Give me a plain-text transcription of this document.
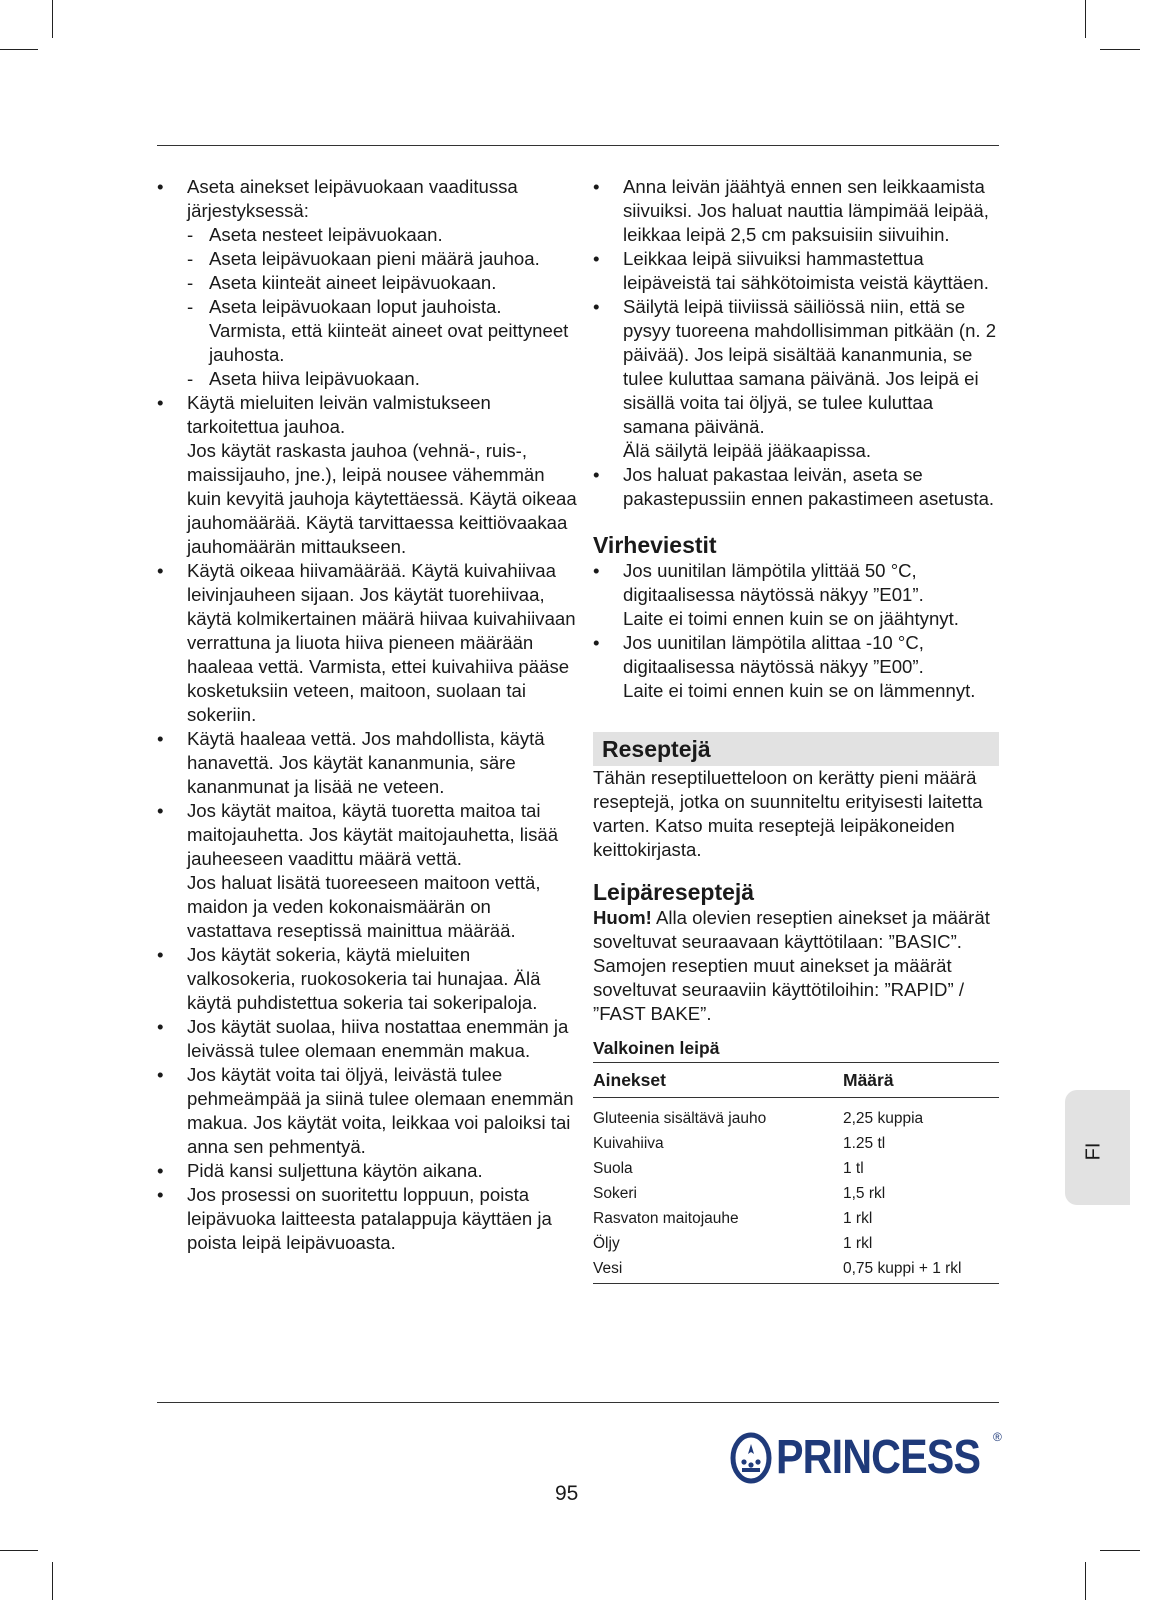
• Aseta ainekset leipävuokaan vaaditussa järjestyksessä:
- Aseta nesteet leipävuokaan.
- Aseta leipävuokaan pieni määrä jauhoa.
- Aseta kiinteät aineet leipävuokaan.
- Aseta leipävuokaan loput jauhoista. Varmista, että kiinteät aineet ovat peittyneet jauhosta.
- Aseta hiiva leipävuokaan.
• Käytä mieluiten leivän valmistukseen tarkoitettua jauhoa.
Jos käytät raskasta jauhoa (vehnä-, ruis-, maissijauho, jne.), leipä nousee vähemmän kuin kevyitä jauhoja käytettäessä. Käytä oikeaa jauhomäärää. Käytä tarvittaessa keittiövaakaa jauhomäärän mittaukseen.
• Käytä oikeaa hiivamäärää. Käytä kuivahiivaa leivinjauheen sijaan. Jos käytät tuorehiivaa, käytä kolmikertainen määrä hiivaa kuivahiivaan verrattuna ja liuota hiiva pieneen määrään haaleaa vettä. Varmista, ettei kuivahiiva pääse kosketuksiin veteen, maitoon, suolaan tai sokeriin.
• Käytä haaleaa vettä. Jos mahdollista, käytä hanavettä. Jos käytät kananmunia, säre kananmunat ja lisää ne veteen.
• Jos käytät maitoa, käytä tuoretta maitoa tai maitojauhetta. Jos käytät maitojauhetta, lisää jauheeseen vaadittu määrä vettä.
Jos haluat lisätä tuoreeseen maitoon vettä, maidon ja veden kokonaismäärän on vastattava reseptissä mainittua määrää.
• Jos käytät sokeria, käytä mieluiten valkosokeria, ruokosokeria tai hunajaa. Älä käytä puhdistettua sokeria tai sokeripaloja.
• Jos käytät suolaa, hiiva nostattaa enemmän ja leivässä tulee olemaan enemmän makua.
• Jos käytät voita tai öljyä, leivästä tulee pehmeämpää ja siinä tulee olemaan enemmän makua. Jos käytät voita, leikkaa voi paloiksi tai anna sen pehmentyä.
• Pidä kansi suljettuna käytön aikana.
• Jos prosessi on suoritettu loppuun, poista leipävuoka laitteesta patalappuja käyttäen ja poista leipä leipävuoasta.
• Anna leivän jäähtyä ennen sen leikkaamista siivuiksi. Jos haluat nauttia lämpimää leipää, leikkaa leipä 2,5 cm paksuisiin siivuihin.
• Leikkaa leipä siivuiksi hammastettua leipäveistä tai sähkötoimista veistä käyttäen.
• Säilytä leipä tiiviissä säiliössä niin, että se pysyy tuoreena mahdollisimman pitkään (n. 2 päivää). Jos leipä sisältää kananmunia, se tulee kuluttaa samana päivänä. Jos leipä ei sisällä voita tai öljyä, se tulee kuluttaa samana päivänä.
Älä säilytä leipää jääkaapissa.
• Jos haluat pakastaa leivän, aseta se pakastepussiin ennen pakastimeen asetusta.
Virheviestit
• Jos uunitilan lämpötila ylittää 50 °C, digitaalisessa näytössä näkyy ”E01”.
Laite ei toimi ennen kuin se on jäähtynyt.
• Jos uunitilan lämpötila alittaa -10 °C, digitaalisessa näytössä näkyy ”E00”.
Laite ei toimi ennen kuin se on lämmennyt.
Reseptejä

Tähän reseptiluetteloon on kerätty pieni määrä reseptejä, jotka on suunniteltu erityisesti laitetta varten. Katso muita reseptejä leipäkoneiden keittokirjasta.

Leipäreseptejä

Huom! Alla olevien reseptien ainekset ja määrät soveltuvat seuraavaan käyttötilaan: ”BASIC”. Samojen reseptien muut ainekset ja määrät soveltuvat seuraaviin käyttötiloihin: ”RAPID” / ”FAST BAKE”.

Valkoinen leipä
Ainekset	Määrä
Gluteenia sisältävä jauho	2,25 kuppia
Kuivahiiva	1.25 tl
Suola	1 tl
Sokeri	1,5 rkl
Rasvaton maitojauhe	1 rkl
Öljy	1 rkl
Vesi	0,75 kuppi + 1 rkl
FI
95
PRINCESS ®
